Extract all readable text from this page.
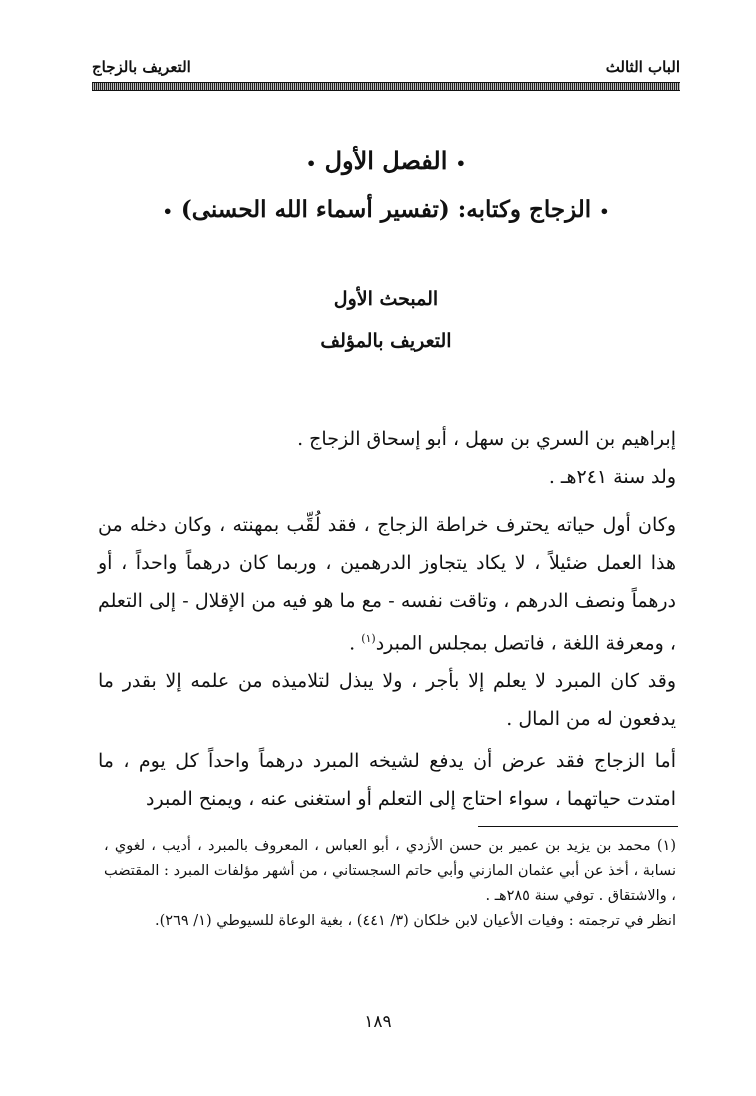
الباب الثالث
التعريف بالزجاج
• الفصل الأول •
• الزجاج وكتابه: (تفسير أسماء الله الحسنى) •
المبحث الأول
التعريف بالمؤلف

إبراهيم بن السري بن سهل ، أبو إسحاق الزجاج .

ولد سنة ٢٤١هـ .

وكان أول حياته يحترف خراطة الزجاج ، فقد لُقِّب بمهنته ، وكان دخله من هذا العمل ضئيلاً ، لا يكاد يتجاوز الدرهمين ، وربما كان درهماً واحداً ، أو درهماً ونصف الدرهم ، وتاقت نفسه - مع ما هو فيه من الإقلال - إلى التعلم ، ومعرفة اللغة ، فاتصل بمجلس المبرد$^{(١)}$ .

وقد كان المبرد لا يعلم إلا بأجر ، ولا يبذل لتلاميذه من علمه إلا بقدر ما يدفعون له من المال .

أما الزجاج فقد عرض أن يدفع لشيخه المبرد درهماً واحداً كل يوم ، ما امتدت حياتهما ، سواء احتاج إلى التعلم أو استغنى عنه ، ويمنح المبرد

(١) محمد بن يزيد بن عمير بن حسن الأزدي ، أبو العباس ، المعروف بالمبرد ، أديب ، لغوي ، نسابة ، أخذ عن أبي عثمان المازني وأبي حاتم السجستاني ، من أشهر مؤلفات المبرد : المقتضب ، والاشتقاق . توفي سنة ٢٨٥هـ .

انظر في ترجمته : وفيات الأعيان لابن خلكان (٣/ ٤٤١) ، بغية الوعاة للسيوطي (١/ ٢٦٩).

١٨٩
